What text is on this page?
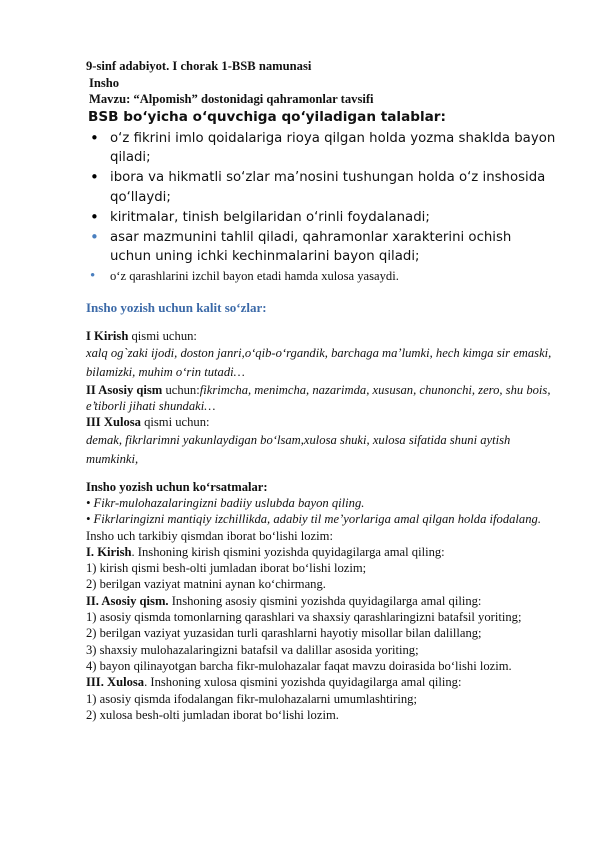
9-sinf adabiyot. I chorak 1-BSB namunasi
Insho
Mavzu: “Alpomish” dostonidagi qahramonlar tavsifi
BSB bo‘yicha o‘quvchiga qo‘yiladigan talablar:
• o‘z fikrini imlo qoidalariga rioya qilgan holda yozma shaklda bayon qiladi;
• ibora va hikmatli so‘zlar ma’nosini tushungan holda o‘z inshosida qo‘llaydi;
• kiritmalar, tinish belgilaridan o‘rinli foydalanadi;
• asar mazmunini tahlil qiladi, qahramonlar xarakterini ochish uchun uning ichki kechinmalarini bayon qiladi;
• o‘z qarashlarini izchil bayon etadi hamda xulosa yasaydi.
Insho yozish uchun kalit so‘zlar:
I Kirish qismi uchun:
xalq og`zaki ijodi, doston janri,o‘qib-o‘rgandik, barchaga ma’lumki, hech kimga sir emaski, bilamizki, muhim o‘rin tutadi…
II Asosiy qism uchun:fikrimcha, menimcha, nazarimda, xususan, chunonchi, zero, shu bois, e’tiborli jihati shundaki…
III Xulosa qismi uchun:
demak, fikrlarimni yakunlaydigan bo‘lsam,xulosa shuki, xulosa sifatida shuni aytish mumkinki,
Insho yozish uchun ko‘rsatmalar:
• Fikr-mulohazalaringizni badiiy uslubda bayon qiling.
• Fikrlaringizni mantiqiy izchillikda, adabiy til me’yorlariga amal qilgan holda ifodalang.
Insho uch tarkibiy qismdan iborat bo‘lishi lozim:
I. Kirish. Inshoning kirish qismini yozishda quyidagilarga amal qiling:
1) kirish qismi besh-olti jumladan iborat bo‘lishi lozim;
2) berilgan vaziyat matnini aynan ko‘chirmang.
II. Asosiy qism. Inshoning asosiy qismini yozishda quyidagilarga amal qiling:
1) asosiy qismda tomonlarning qarashlari va shaxsiy qarashlaringizni batafsil yoriting;
2) berilgan vaziyat yuzasidan turli qarashlarni hayotiy misollar bilan dalillang;
3) shaxsiy mulohazalaringizni batafsil va dalillar asosida yoriting;
4) bayon qilinayotgan barcha fikr-mulohazalar faqat mavzu doirasida bo‘lishi lozim.
III. Xulosa. Inshoning xulosa qismini yozishda quyidagilarga amal qiling:
1) asosiy qismda ifodalangan fikr-mulohazalarni umumlashtiring;
2) xulosa besh-olti jumladan iborat bo‘lishi lozim.
